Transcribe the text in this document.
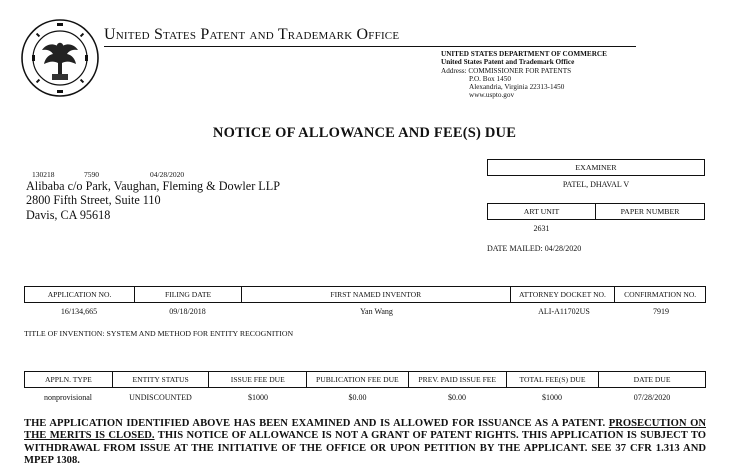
United States Patent and Trademark Office
UNITED STATES DEPARTMENT OF COMMERCE
United States Patent and Trademark Office
Address: COMMISSIONER FOR PATENTS
P.O. Box 1450
Alexandria, Virginia 22313-1450
www.uspto.gov
NOTICE OF ALLOWANCE AND FEE(S) DUE
130218	7590	04/28/2020
Alibaba c/o Park, Vaughan, Fleming & Dowler LLP
2800 Fifth Street, Suite 110
Davis, CA 95618
EXAMINER
PATEL, DHAVAL V
ART UNIT	PAPER NUMBER
2631
DATE MAILED: 04/28/2020
APPLICATION NO.	FILING DATE	FIRST NAMED INVENTOR	ATTORNEY DOCKET NO.	CONFIRMATION NO.
16/134,665	09/18/2018	Yan Wang	ALI-A11702US	7919
TITLE OF INVENTION: SYSTEM AND METHOD FOR ENTITY RECOGNITION
APPLN. TYPE	ENTITY STATUS	ISSUE FEE DUE	PUBLICATION FEE DUE	PREV. PAID ISSUE FEE	TOTAL FEE(S) DUE	DATE DUE
nonprovisional	UNDISCOUNTED	$1000	$0.00	$0.00	$1000	07/28/2020
THE APPLICATION IDENTIFIED ABOVE HAS BEEN EXAMINED AND IS ALLOWED FOR ISSUANCE AS A PATENT. PROSECUTION ON THE MERITS IS CLOSED. THIS NOTICE OF ALLOWANCE IS NOT A GRANT OF PATENT RIGHTS. THIS APPLICATION IS SUBJECT TO WITHDRAWAL FROM ISSUE AT THE INITIATIVE OF THE OFFICE OR UPON PETITION BY THE APPLICANT. SEE 37 CFR 1.313 AND MPEP 1308.
